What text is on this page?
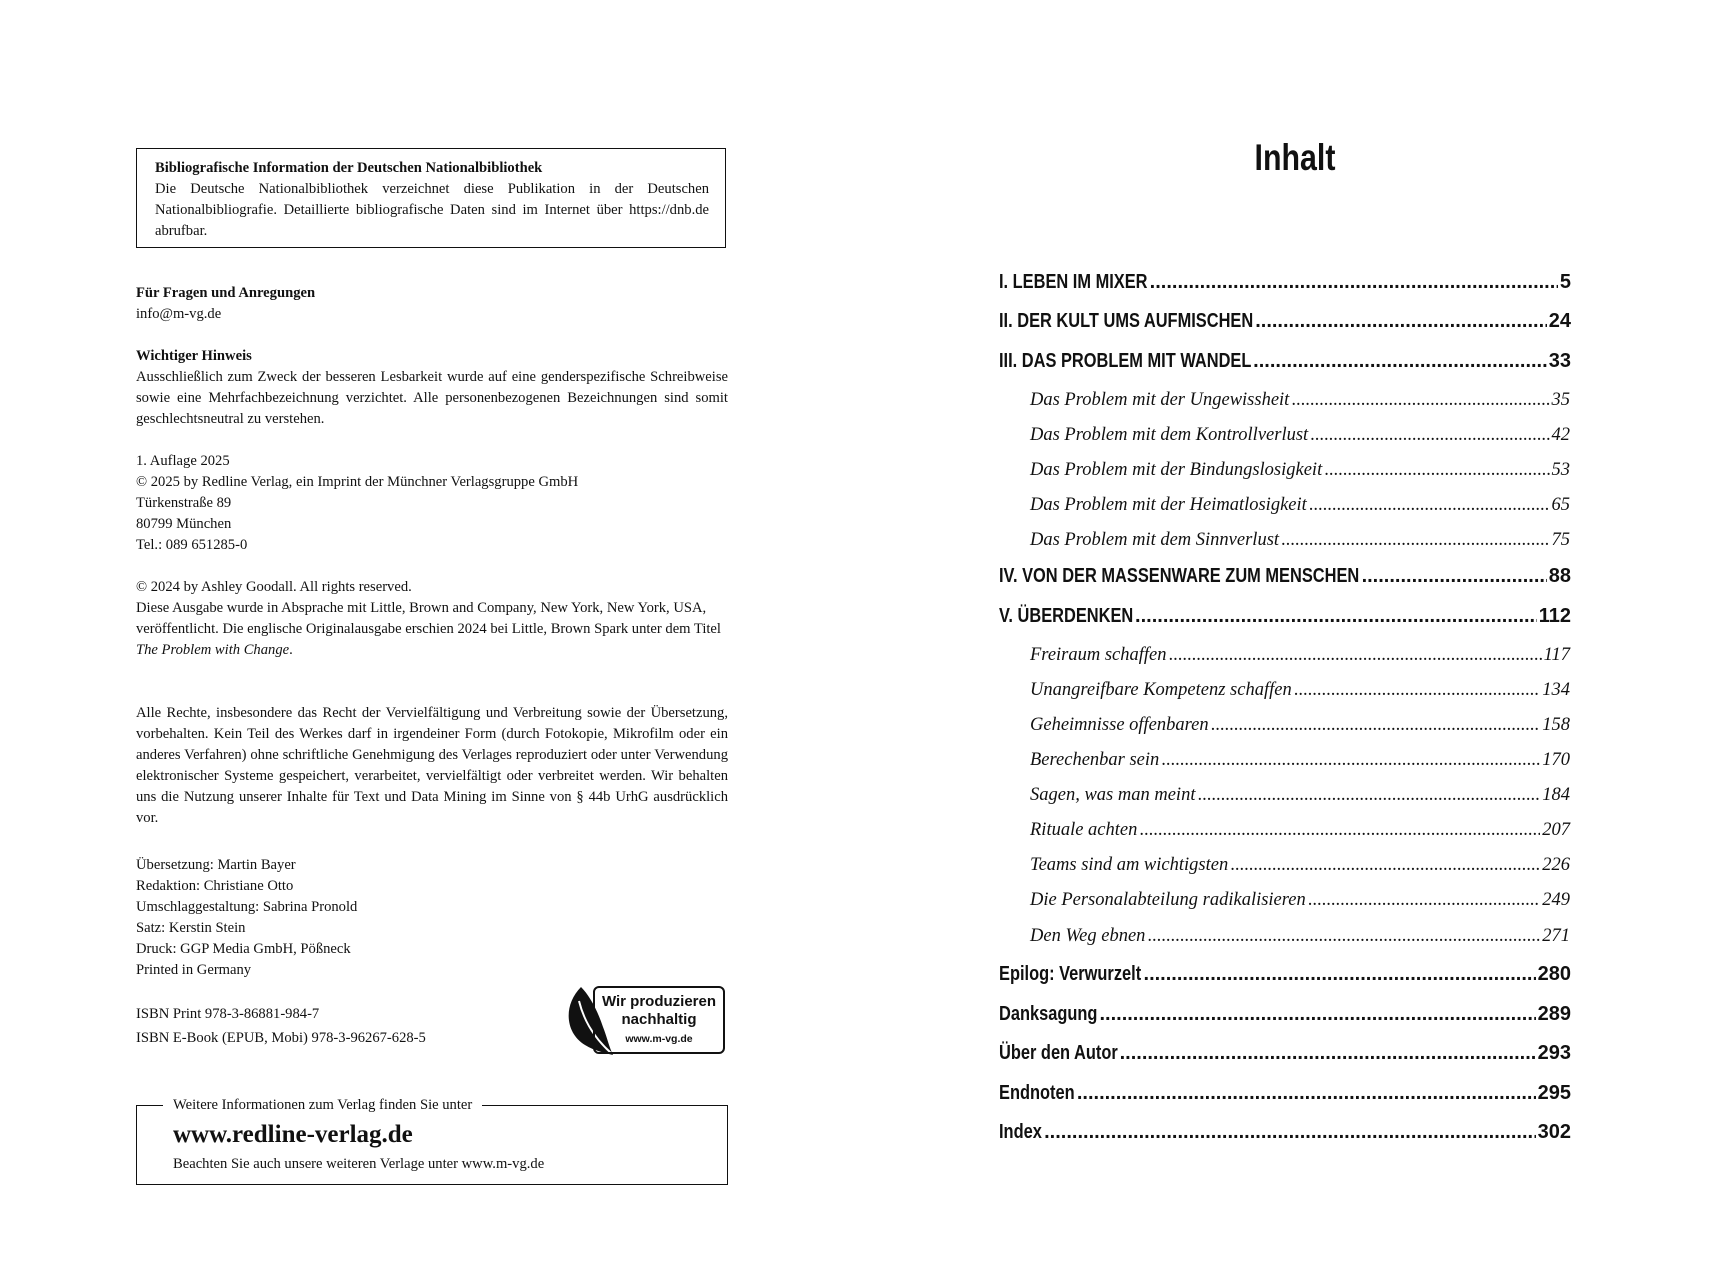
Bibliografische Information der Deutschen Nationalbibliothek

Die Deutsche Nationalbibliothek verzeichnet diese Publikation in der Deutschen Nationalbibliografie. Detaillierte bibliografische Daten sind im Internet über https://dnb.de abrufbar.

Für Fragen und Anregungen

info@m-vg.de

Wichtiger Hinweis

Ausschließlich zum Zweck der besseren Lesbarkeit wurde auf eine genderspezifische Schreibweise sowie eine Mehrfachbezeichnung verzichtet. Alle personenbezogenen Bezeichnungen sind somit geschlechtsneutral zu verstehen.

1. Auflage 2025

© 2025 by Redline Verlag, ein Imprint der Münchner Verlagsgruppe GmbH

Türkenstraße 89

80799 München

Tel.: 089 651285-0

© 2024 by Ashley Goodall. All rights reserved.

Diese Ausgabe wurde in Absprache mit Little, Brown and Company, New York, New York, USA, veröffentlicht. Die englische Originalausgabe erschien 2024 bei Little, Brown Spark unter dem Titel The Problem with Change.

Alle Rechte, insbesondere das Recht der Vervielfältigung und Verbreitung sowie der Übersetzung, vorbehalten. Kein Teil des Werkes darf in irgendeiner Form (durch Fotokopie, Mikrofilm oder ein anderes Verfahren) ohne schriftliche Genehmigung des Verlages reproduziert oder unter Verwendung elektronischer Systeme gespeichert, verarbeitet, vervielfältigt oder verbreitet werden. Wir behalten uns die Nutzung unserer Inhalte für Text und Data Mining im Sinne von § 44b UrhG ausdrücklich vor.

Übersetzung: Martin Bayer

Redaktion: Christiane Otto

Umschlaggestaltung: Sabrina Pronold

Satz: Kerstin Stein

Druck: GGP Media GmbH, Pößneck

Printed in Germany

ISBN Print 978-3-86881-984-7

ISBN E-Book (EPUB, Mobi) 978-3-96267-628-5

Wir produzieren
nachhaltig
www.m-vg.de
Weitere Informationen zum Verlag finden Sie unter
www.redline-verlag.de
Beachten Sie auch unsere weiteren Verlage unter www.m-vg.de
Inhalt
I. LEBEN IM MIXER .....	5
II. DER KULT UMS AUFMISCHEN .....	24
III. DAS PROBLEM MIT WANDEL .....	33
Das Problem mit der Ungewissheit .....	35
Das Problem mit dem Kontrollverlust .....	42
Das Problem mit der Bindungslosigkeit .....	53
Das Problem mit der Heimatlosigkeit .....	65
Das Problem mit dem Sinnverlust .....	75
IV. VON DER MASSENWARE ZUM MENSCHEN .....	88
V. ÜBERDENKEN .....	112
Freiraum schaffen .....	117
Unangreifbare Kompetenz schaffen .....	134
Geheimnisse offenbaren .....	158
Berechenbar sein .....	170
Sagen, was man meint .....	184
Rituale achten .....	207
Teams sind am wichtigsten .....	226
Die Personalabteilung radikalisieren .....	249
Den Weg ebnen .....	271
Epilog: Verwurzelt .....	280
Danksagung .....	289
Über den Autor .....	293
Endnoten .....	295
Index .....	302
